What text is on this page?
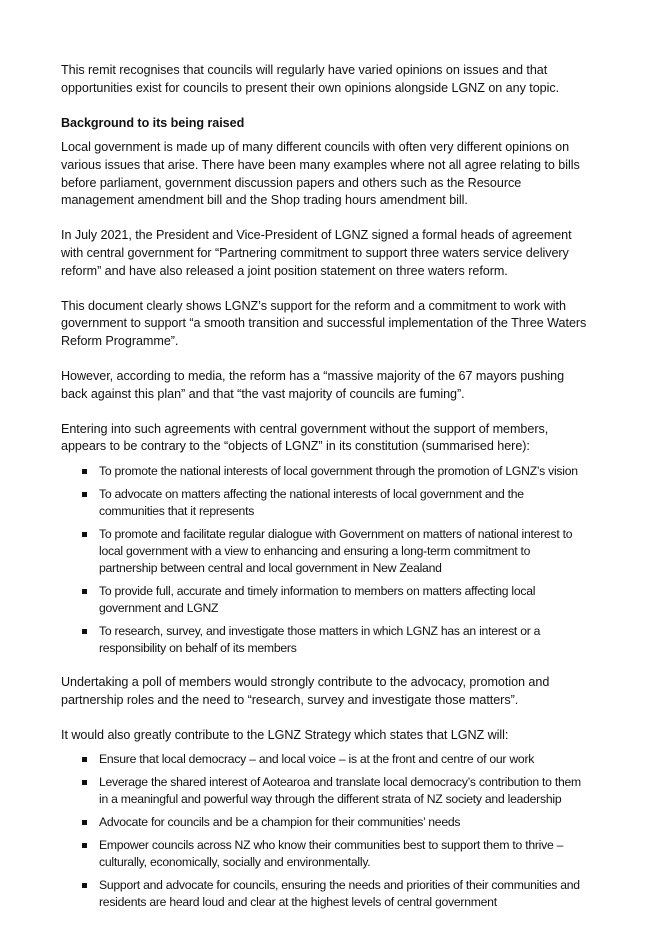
This remit recognises that councils will regularly have varied opinions on issues and that opportunities exist for councils to present their own opinions alongside LGNZ on any topic.

Background to its being raised

Local government is made up of many different councils with often very different opinions on various issues that arise. There have been many examples where not all agree relating to bills before parliament, government discussion papers and others such as the Resource management amendment bill and the Shop trading hours amendment bill.

In July 2021, the President and Vice-President of LGNZ signed a formal heads of agreement with central government for “Partnering commitment to support three waters service delivery reform” and have also released a joint position statement on three waters reform.

This document clearly shows LGNZ’s support for the reform and a commitment to work with government to support “a smooth transition and successful implementation of the Three Waters Reform Programme”.

However, according to media, the reform has a “massive majority of the 67 mayors pushing back against this plan” and that “the vast majority of councils are fuming”.

Entering into such agreements with central government without the support of members, appears to be contrary to the “objects of LGNZ” in its constitution (summarised here):

To promote the national interests of local government through the promotion of LGNZ’s vision
To advocate on matters affecting the national interests of local government and the communities that it represents
To promote and facilitate regular dialogue with Government on matters of national interest to local government with a view to enhancing and ensuring a long-term commitment to partnership between central and local government in New Zealand
To provide full, accurate and timely information to members on matters affecting local government and LGNZ
To research, survey, and investigate those matters in which LGNZ has an interest or a responsibility on behalf of its members

Undertaking a poll of members would strongly contribute to the advocacy, promotion and partnership roles and the need to “research, survey and investigate those matters”.

It would also greatly contribute to the LGNZ Strategy which states that LGNZ will:

Ensure that local democracy – and local voice – is at the front and centre of our work
Leverage the shared interest of Aotearoa and translate local democracy’s contribution to them in a meaningful and powerful way through the different strata of NZ society and leadership
Advocate for councils and be a champion for their communities’ needs
Empower councils across NZ who know their communities best to support them to thrive – culturally, economically, socially and environmentally.
Support and advocate for councils, ensuring the needs and priorities of their communities and residents are heard loud and clear at the highest levels of central government
